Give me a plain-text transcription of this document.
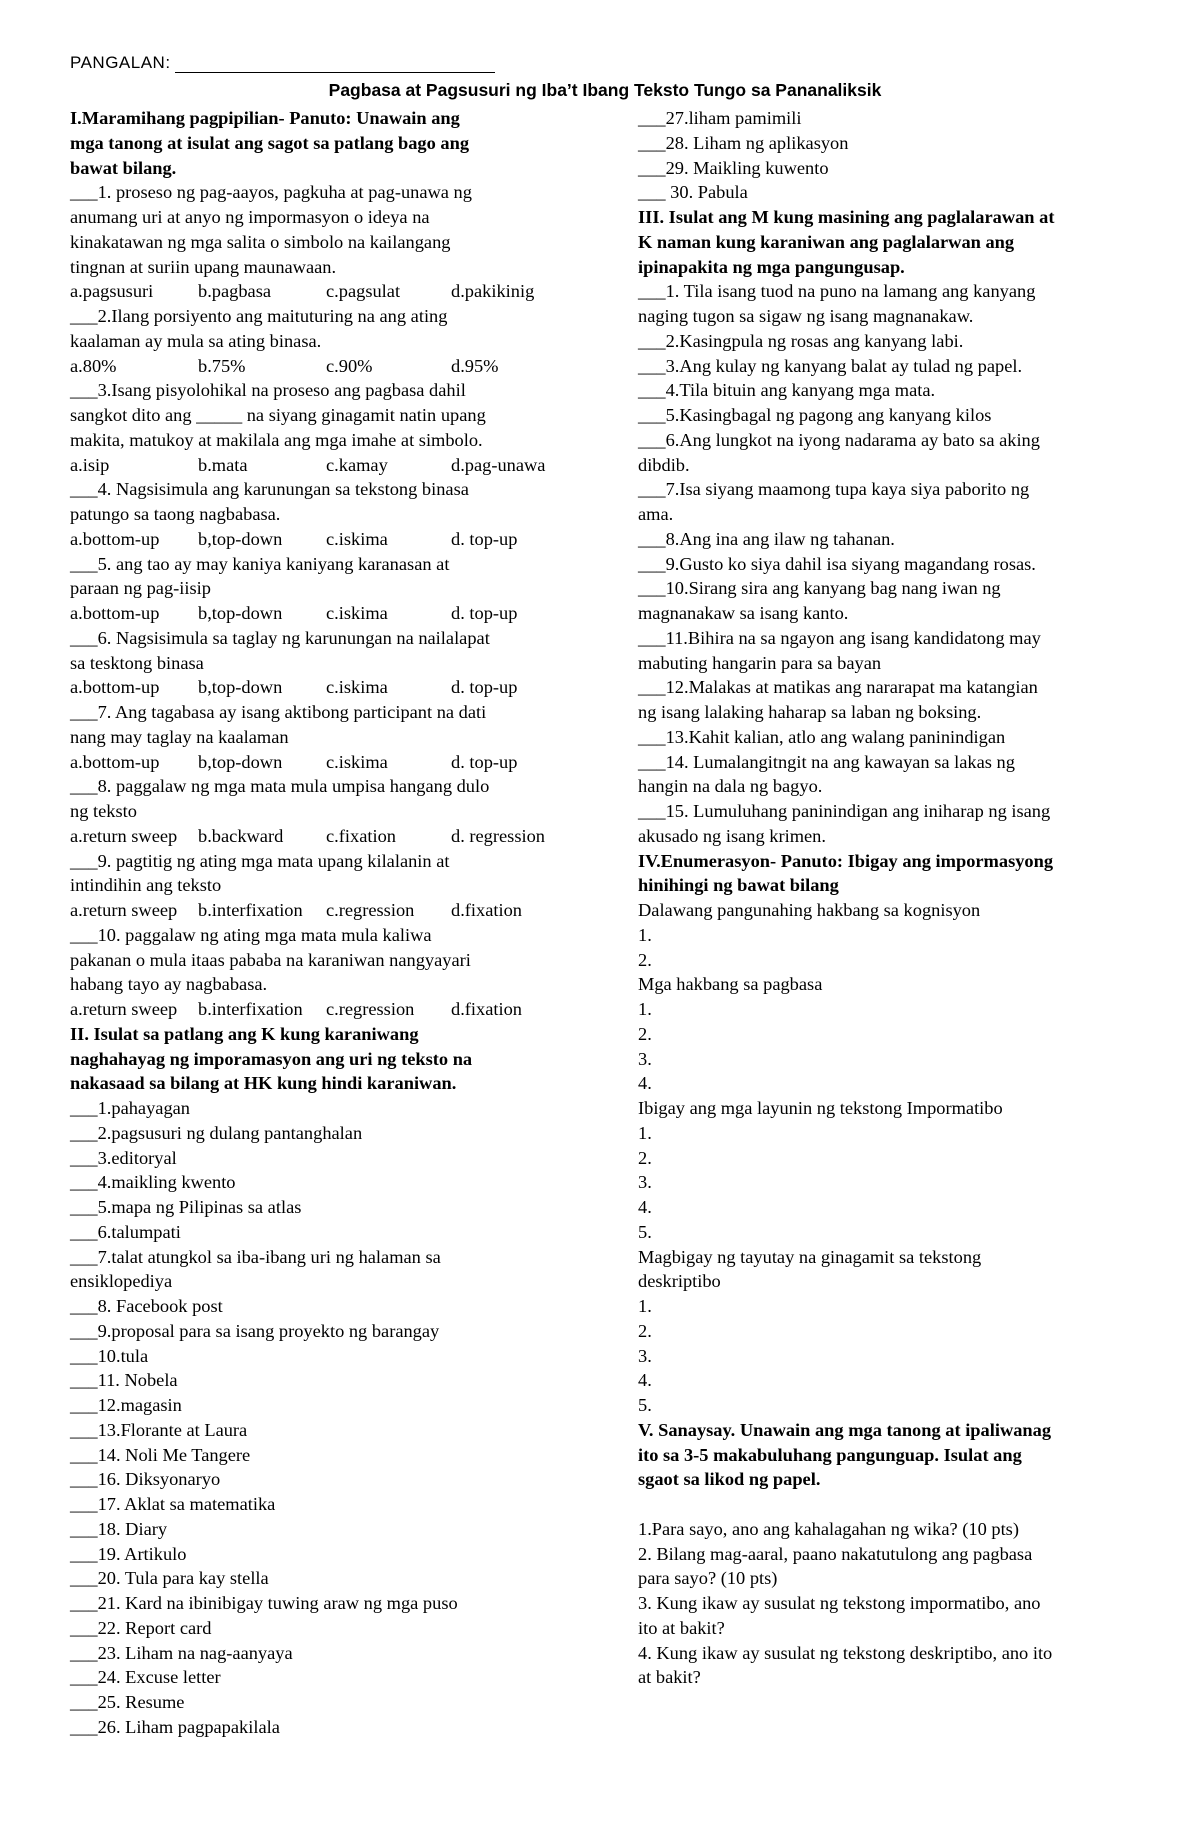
PANGALAN:
Pagbasa at Pagsusuri ng Iba’t Ibang Teksto Tungo sa Pananaliksik
I.Maramihang pagpipilian- Panuto: Unawain ang
mga tanong at isulat ang sagot sa patlang bago ang
bawat bilang.
___1. proseso ng pag-aayos, pagkuha at pag-unawa ng
anumang uri at anyo ng impormasyon o ideya na
kinakatawan ng mga salita o simbolo na kailangang
tingnan at suriin upang maunawaan.
a.pagsusuri	b.pagbasa	c.pagsulat	d.pakikinig
___2.Ilang porsiyento ang maituturing na ang ating
kaalaman ay mula sa ating binasa.
a.80%	b.75%	c.90%	d.95%
___3.Isang pisyolohikal na proseso ang pagbasa dahil
sangkot dito ang _____ na siyang ginagamit natin upang
makita, matukoy at makilala ang mga imahe at simbolo.
a.isip	b.mata	c.kamay	d.pag-unawa
___4. Nagsisimula ang karunungan sa tekstong binasa
patungo sa taong nagbabasa.
a.bottom-up	b,top-down	c.iskima	d. top-up
___5. ang tao ay may kaniya kaniyang karanasan at
paraan ng pag-iisip
a.bottom-up	b,top-down	c.iskima	d. top-up
___6. Nagsisimula sa taglay ng karunungan na nailalapat
sa tesktong binasa
a.bottom-up	b,top-down	c.iskima	d. top-up
___7. Ang tagabasa ay isang aktibong participant na dati
nang may taglay na kaalaman
a.bottom-up	b,top-down	c.iskima	d. top-up
___8. paggalaw ng mga mata mula umpisa hangang dulo
ng teksto
a.return sweep	b.backward	c.fixation	d. regression
___9. pagtitig ng ating mga mata upang kilalanin at
intindihin ang teksto
a.return sweep	b.interfixation	c.regression	d.fixation
___10. paggalaw ng ating mga mata mula kaliwa
pakanan o mula itaas pababa na karaniwan nangyayari
habang tayo ay nagbabasa.
a.return sweep	b.interfixation	c.regression	d.fixation
II. Isulat sa patlang ang K kung karaniwang
naghahayag ng imporamasyon ang uri ng teksto na
nakasaad sa bilang at HK kung hindi karaniwan.
___1.pahayagan
___2.pagsusuri ng dulang pantanghalan
___3.editoryal
___4.maikling kwento
___5.mapa ng Pilipinas sa atlas
___6.talumpati
___7.talat atungkol sa iba-ibang uri ng halaman sa
ensiklopediya
___8. Facebook post
___9.proposal para sa isang proyekto ng barangay
___10.tula
___11. Nobela
___12.magasin
___13.Florante at Laura
___14. Noli Me Tangere
___16. Diksyonaryo
___17. Aklat sa matematika
___18. Diary
___19. Artikulo
___20. Tula para kay stella
___21. Kard na ibinibigay tuwing araw ng mga puso
___22. Report card
___23. Liham na nag-aanyaya
___24. Excuse letter
___25. Resume
___26. Liham pagpapakilala
___27.liham pamimili
___28. Liham ng aplikasyon
___29. Maikling kuwento
___ 30. Pabula
III. Isulat ang M kung masining ang paglalarawan at
K naman kung karaniwan ang paglalarwan ang
ipinapakita ng mga pangungusap.
___1. Tila isang tuod na puno na lamang ang kanyang
naging tugon sa sigaw ng isang magnanakaw.
___2.Kasingpula ng rosas ang kanyang labi.
___3.Ang kulay ng kanyang balat ay tulad ng papel.
___4.Tila bituin ang kanyang mga mata.
___5.Kasingbagal ng pagong ang kanyang kilos
___6.Ang lungkot na iyong nadarama ay bato sa aking
dibdib.
___7.Isa siyang maamong tupa kaya siya paborito ng
ama.
___8.Ang ina ang ilaw ng tahanan.
___9.Gusto ko siya dahil isa siyang magandang rosas.
___10.Sirang sira ang kanyang bag nang iwan ng
magnanakaw sa isang kanto.
___11.Bihira na sa ngayon ang isang kandidatong may
mabuting hangarin para sa bayan
___12.Malakas at matikas ang nararapat ma katangian
ng isang lalaking haharap sa laban ng boksing.
___13.Kahit kalian, atlo ang walang paninindigan
___14. Lumalangitngit na ang kawayan sa lakas ng
hangin na dala ng bagyo.
___15. Lumuluhang paninindigan ang iniharap ng isang
akusado ng isang krimen.
IV.Enumerasyon- Panuto: Ibigay ang impormasyong
hinihingi ng bawat bilang
Dalawang pangunahing hakbang sa kognisyon
1.
2.
Mga hakbang sa pagbasa
1.
2.
3.
4.
Ibigay ang mga layunin ng tekstong Impormatibo
1.
2.
3.
4.
5.
Magbigay ng tayutay na ginagamit sa tekstong
deskriptibo
1.
2.
3.
4.
5.
V. Sanaysay. Unawain ang mga tanong at ipaliwanag
ito sa 3-5 makabuluhang pangunguap. Isulat ang
sgaot sa likod ng papel.
1.Para sayo, ano ang kahalagahan ng wika? (10 pts)
2. Bilang mag-aaral, paano nakatutulong ang pagbasa
para sayo? (10 pts)
3. Kung ikaw ay susulat ng tekstong impormatibo, ano
ito at bakit?
4. Kung ikaw ay susulat ng tekstong deskriptibo, ano ito
at bakit?
